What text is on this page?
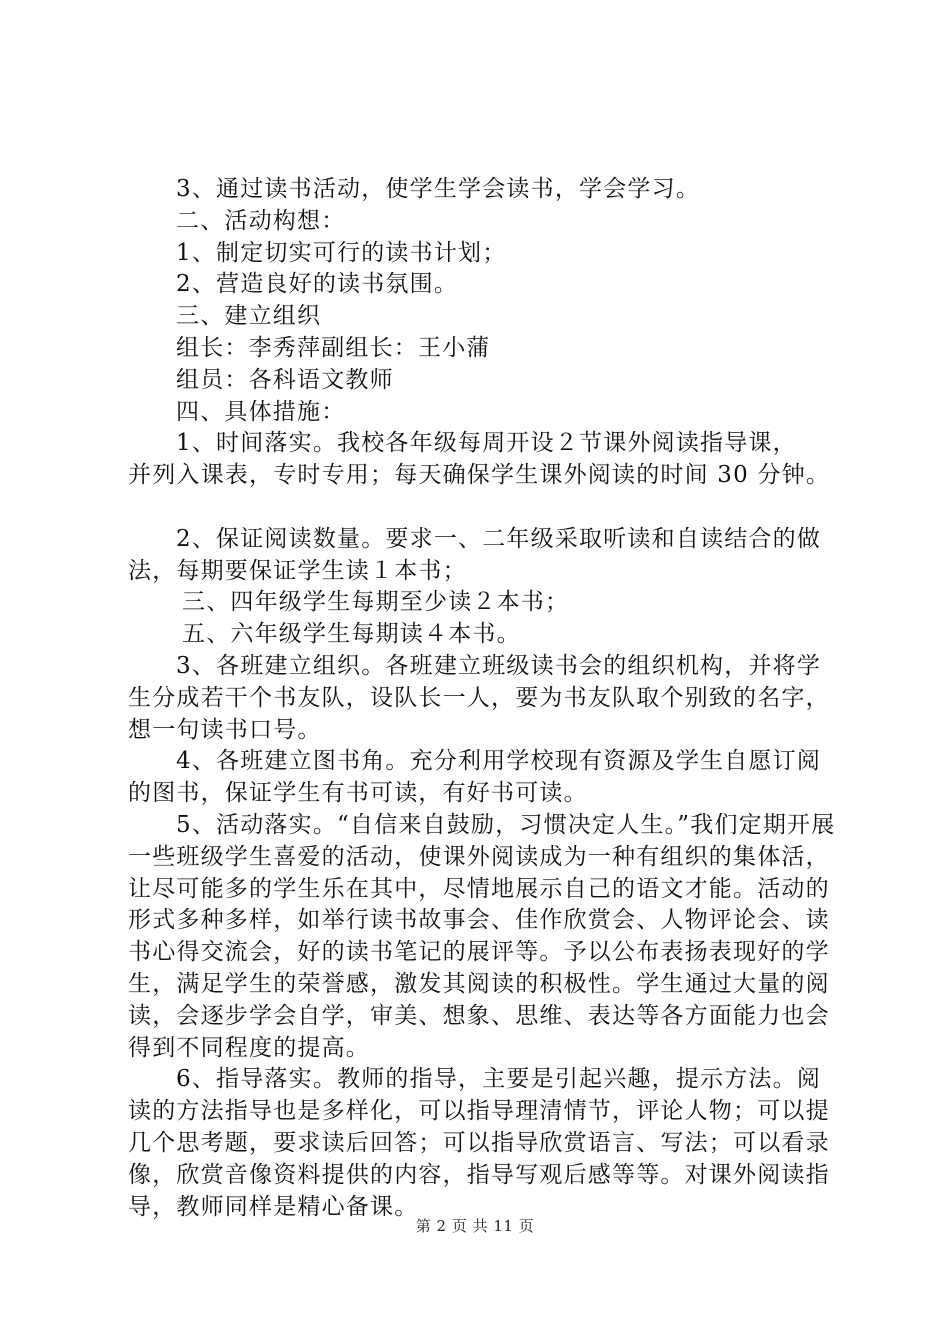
3、通过读书活动，使学生学会读书，学会学习。
二、活动构想：
1、制定切实可行的读书计划；
2、营造良好的读书氛围。
三、建立组织
组长：李秀萍副组长：王小蒲
组员：各科语文教师
四、具体措施：
1、时间落实。我校各年级每周开设２节课外阅读指导课，
并列入课表，专时专用；每天确保学生课外阅读的时间 30 分钟。
2、保证阅读数量。要求一、二年级采取听读和自读结合的做法，每期要保证学生读１本书；
三、四年级学生每期至少读２本书；
五、六年级学生每期读４本书。
3、各班建立组织。各班建立班级读书会的组织机构，并将学生分成若干个书友队，设队长一人，要为书友队取个别致的名字，想一句读书口号。
4、各班建立图书角。充分利用学校现有资源及学生自愿订阅的图书，保证学生有书可读，有好书可读。
5、活动落实。“自信来自鼓励，习惯决定人生。”我们定期开展一些班级学生喜爱的活动，使课外阅读成为一种有组织的集体活，让尽可能多的学生乐在其中，尽情地展示自己的语文才能。活动的形式多种多样，如举行读书故事会、佳作欣赏会、人物评论会、读书心得交流会，好的读书笔记的展评等。予以公布表扬表现好的学生，满足学生的荣誉感，激发其阅读的积极性。学生通过大量的阅读，会逐步学会自学，审美、想象、思维、表达等各方面能力也会得到不同程度的提高。
6、指导落实。教师的指导，主要是引起兴趣，提示方法。阅读的方法指导也是多样化，可以指导理清情节，评论人物；可以提几个思考题，要求读后回答；可以指导欣赏语言、写法；可以看录像，欣赏音像资料提供的内容，指导写观后感等等。对课外阅读指导，教师同样是精心备课。
第 2 页 共 11 页
